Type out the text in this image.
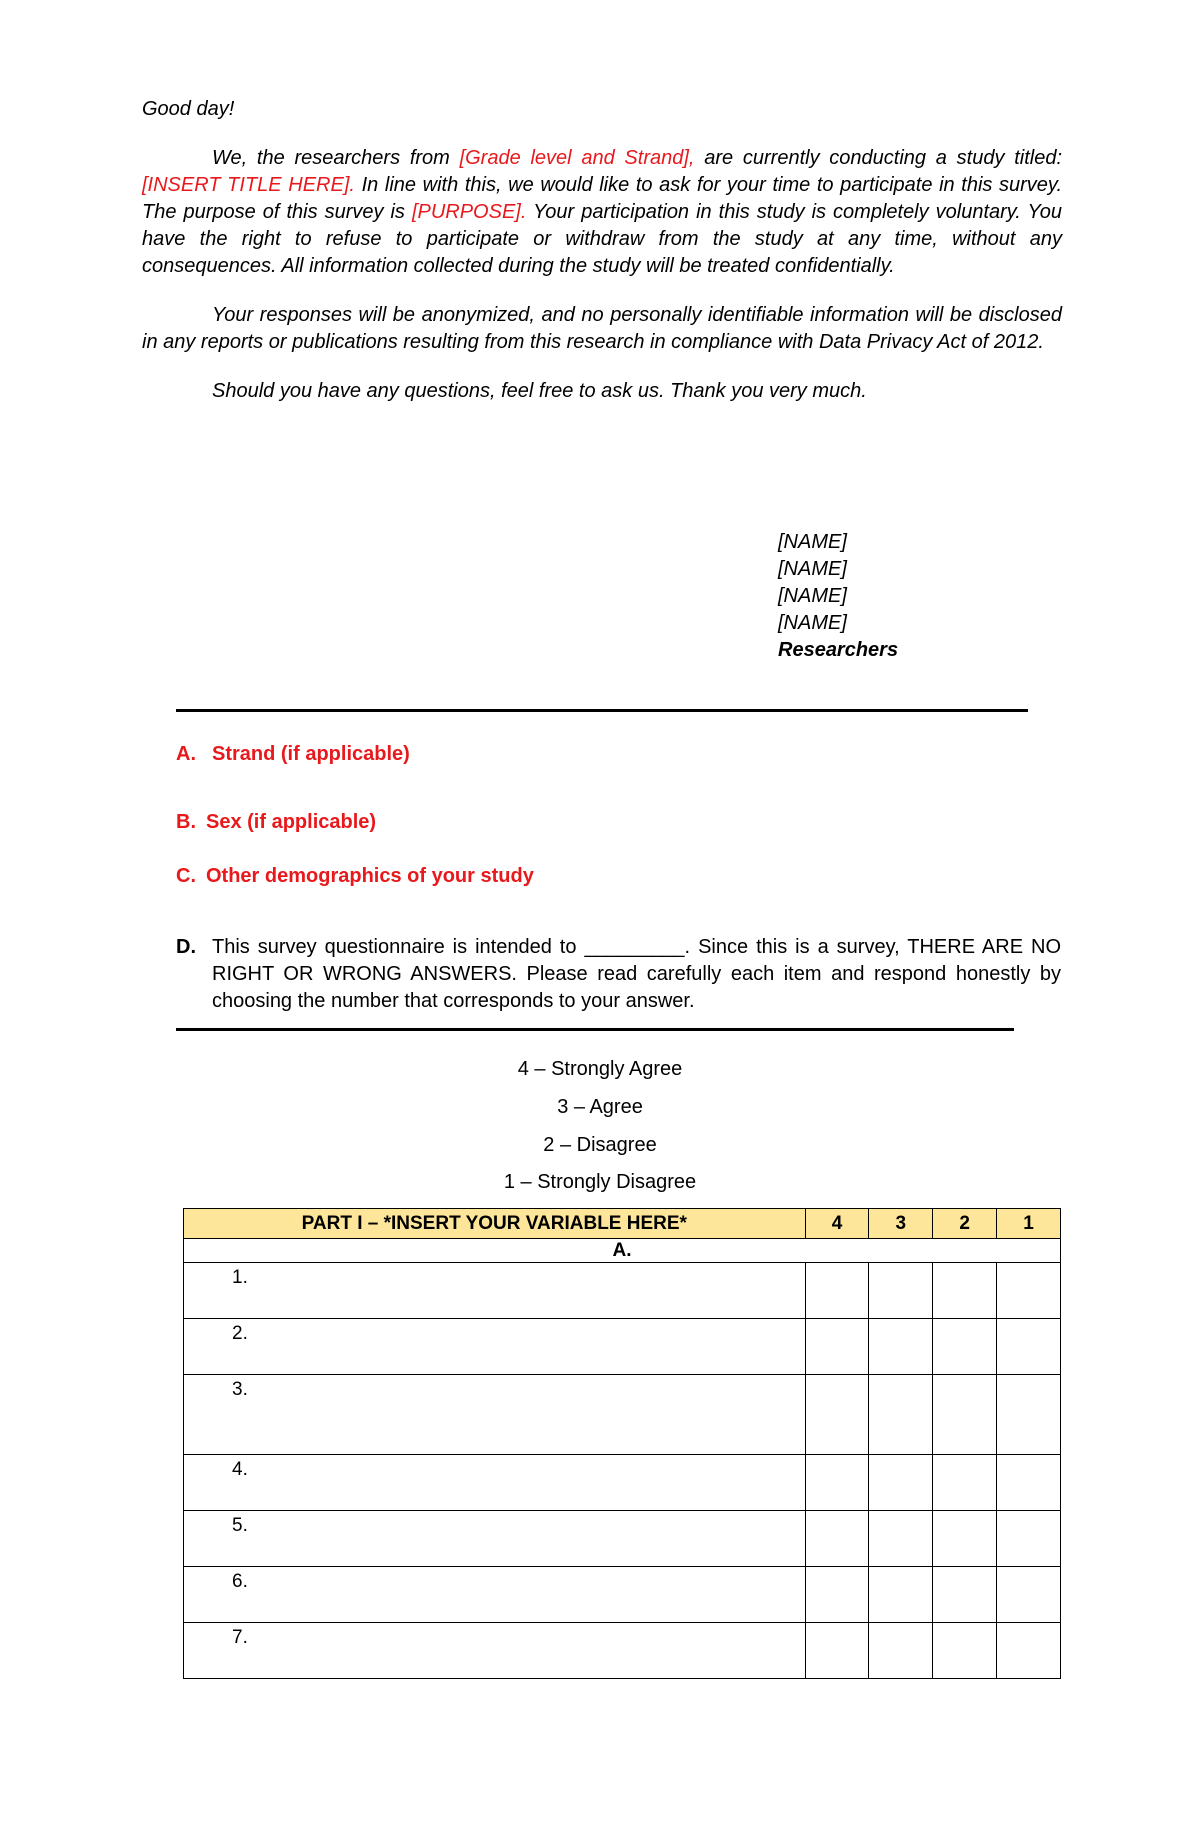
Good day!

We, the researchers from [Grade level and Strand], are currently conducting a study titled: [INSERT TITLE HERE]. In line with this, we would like to ask for your time to participate in this survey. The purpose of this survey is [PURPOSE]. Your participation in this study is completely voluntary. You have the right to refuse to participate or withdraw from the study at any time, without any consequences. All information collected during the study will be treated confidentially.

Your responses will be anonymized, and no personally identifiable information will be disclosed in any reports or publications resulting from this research in compliance with Data Privacy Act of 2012.

Should you have any questions, feel free to ask us. Thank you very much.

[NAME]
[NAME]
[NAME]
[NAME]
Researchers
A. Strand (if applicable)
B. Sex (if applicable)
C. Other demographics of your study
D. This survey questionnaire is intended to _________. Since this is a survey, THERE ARE NO RIGHT OR WRONG ANSWERS. Please read carefully each item and respond honestly by choosing the number that corresponds to your answer.
4 – Strongly Agree
3 – Agree
2 – Disagree
1 – Strongly Disagree
PART I – *INSERT YOUR VARIABLE HERE*	4	3	2	1
A.				
1.				
2.				
3.				
4.				
5.				
6.				
7.				
